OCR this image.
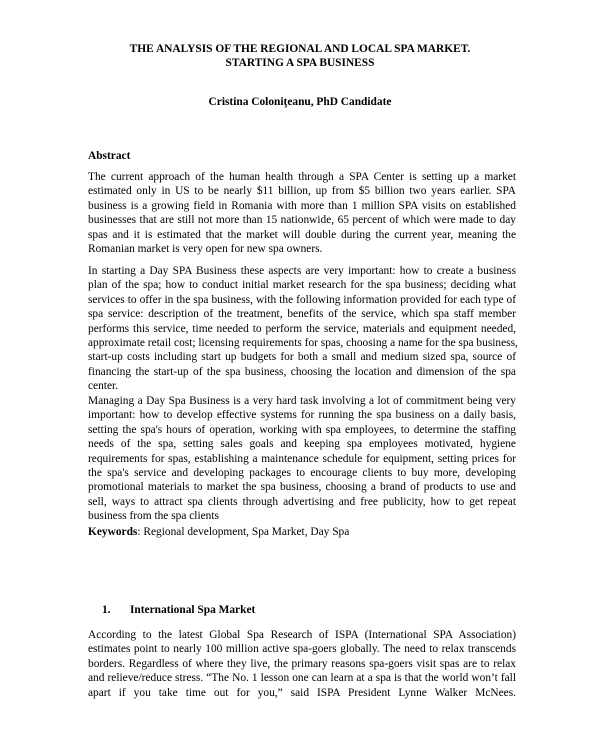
THE ANALYSIS OF THE REGIONAL AND LOCAL SPA MARKET.
STARTING A SPA BUSINESS
Cristina Coloniţeanu, PhD Candidate
Abstract
The current approach of the human health through a SPA Center is setting up a market
estimated only in US to be nearly $11 billion, up from $5 billion two years earlier. SPA
business is a growing field in Romania with more than 1 million SPA visits on established
businesses that are still not more than 15 nationwide, 65 percent of which were made to day
spas and it is estimated that the market will double during the current year, meaning the
Romanian market is very open for new spa owners.
In starting a Day SPA Business these aspects are very important: how to create a business
plan of the spa; how to conduct initial market research for the spa business; deciding what
services to offer in the spa business, with the following information provided for each type of
spa service: description of the treatment, benefits of the service, which spa staff member
performs this service, time needed to perform the service, materials and equipment needed,
approximate retail cost; licensing requirements for spas, choosing a name for the spa business,
start-up costs including start up budgets for both a small and medium sized spa, source of
financing the start-up of the spa business, choosing the location and dimension of the spa
center.
Managing a Day Spa Business is a very hard task involving a lot of commitment being very
important: how to develop effective systems for running the spa business on a daily basis,
setting the spa's hours of operation, working with spa employees, to determine the staffing
needs of the spa, setting sales goals and keeping spa employees motivated, hygiene
requirements for spas, establishing a maintenance schedule for equipment, setting prices for
the spa's service and developing packages to encourage clients to buy more, developing
promotional materials to market the spa business, choosing a brand of products to use and
sell, ways to attract spa clients through advertising and free publicity, how to get repeat
business from the spa clients
Keywords: Regional development, Spa Market, Day Spa
1. International Spa Market
According to the latest Global Spa Research of ISPA (International SPA Association)
estimates point to nearly 100 million active spa-goers globally. The need to relax transcends
borders. Regardless of where they live, the primary reasons spa-goers visit spas are to relax
and relieve/reduce stress. “The No. 1 lesson one can learn at a spa is that the world won’t fall
apart if you take time out for you,” said ISPA President Lynne Walker McNees.
